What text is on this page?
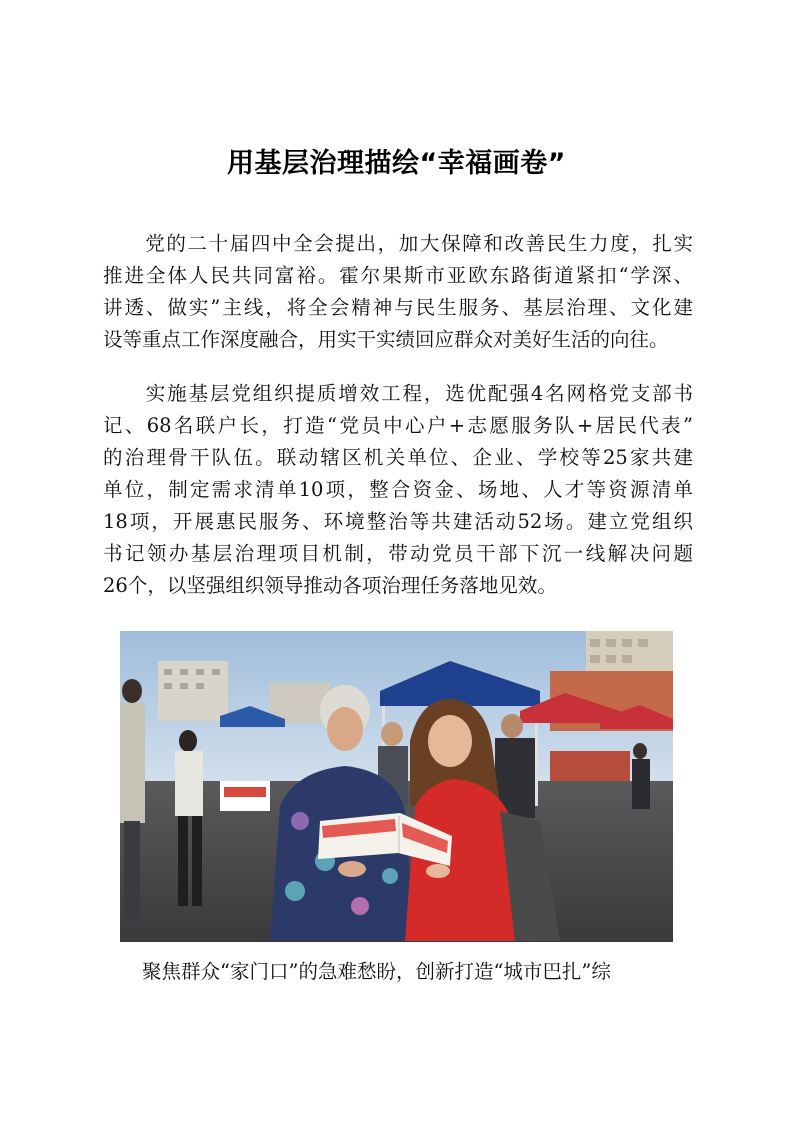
用基层治理描绘“幸福画卷”
　　党的二十届四中全会提出，加大保障和改善民生力度，扎实
推进全体人民共同富裕。霍尔果斯市亚欧东路街道紧扣“学深、
讲透、做实”主线，将全会精神与民生服务、基层治理、文化建
设等重点工作深度融合，用实干实绩回应群众对美好生活的向往。
　　实施基层党组织提质增效工程，选优配强4名网格党支部书
记、68名联户长，打造“党员中心户+志愿服务队+居民代表”
的治理骨干队伍。联动辖区机关单位、企业、学校等25家共建
单位，制定需求清单10项，整合资金、场地、人才等资源清单
18项，开展惠民服务、环境整治等共建活动52场。建立党组织
书记领办基层治理项目机制，带动党员干部下沉一线解决问题
26个，以坚强组织领导推动各项治理任务落地见效。
　　聚焦群众“家门口”的急难愁盼，创新打造“城市巴扎”综
